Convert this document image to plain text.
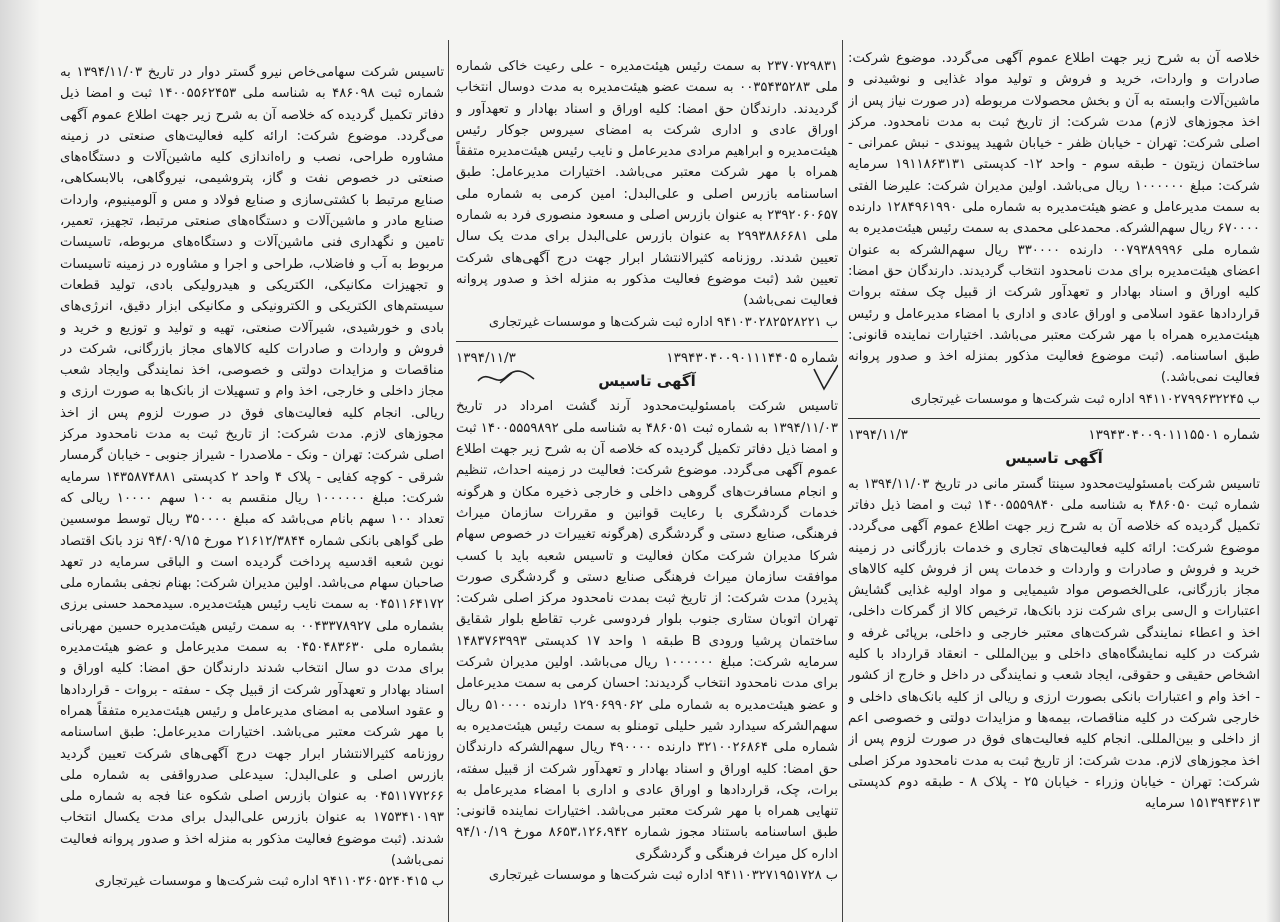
خلاصه آن به شرح زیر جهت اطلاع عموم آگهی می‌گردد. موضوع شرکت: صادرات و واردات، خرید و فروش و تولید مواد غذایی و نوشیدنی و ماشین‌آلات وابسته به آن و بخش محصولات مربوطه (در صورت نیاز پس از اخذ مجوزهای لازم) مدت شرکت: از تاریخ ثبت به مدت نامحدود. مرکز اصلی شرکت: تهران - خیابان ظفر - خیابان شهید پیوندی - نبش عمرانی - ساختمان زیتون - طبقه سوم - واحد ۱۲- کدپستی ۱۹۱۱۸۶۳۱۳۱ سرمایه شرکت: مبلغ ۱۰۰۰۰۰۰ ریال می‌باشد. اولین مدیران شرکت: علیرضا الفتی به سمت مدیرعامل و عضو هیئت‌مدیره به شماره ملی ۱۲۸۴۹۶۱۹۹۰ دارنده ۶۷۰۰۰۰ ریال سهم‌الشرکه. محمدعلی محمدی به سمت رئیس هیئت‌مدیره به شماره ملی ۰۰۷۹۳۸۹۹۹۶ دارنده ۳۳۰۰۰۰ ریال سهم‌الشرکه به عنوان اعضای هیئت‌مدیره برای مدت نامحدود انتخاب گردیدند. دارندگان حق امضا: کلیه اوراق و اسناد بهادار و تعهدآور شرکت از قبیل چک سفته بروات قراردادها عقود اسلامی و اوراق عادی و اداری با امضاء مدیرعامل و رئیس هیئت‌مدیره همراه با مهر شرکت معتبر می‌باشد. اختیارات نماینده قانونی: طبق اساسنامه. (ثبت موضوع فعالیت مذکور بمنزله اخذ و صدور پروانه فعالیت نمی‌باشد.)

ب ۹۴۱۱۰۲۷۹۹۶۳۲۲۴۵ اداره ثبت شرکت‌ها و موسسات غیرتجاری

شماره ۱۳۹۴۳۰۴۰۰۹۰۱۱۱۵۵۰۱
۱۳۹۴/۱۱/۳
آگهی تاسیس

تاسیس شرکت بامسئولیت‌محدود سینتا گستر مانی در تاریخ ۱۳۹۴/۱۱/۰۳ به شماره ثبت ۴۸۶۰۵۰ به شناسه ملی ۱۴۰۰۵۵۵۹۸۴۰ ثبت و امضا ذیل دفاتر تکمیل گردیده که خلاصه آن به شرح زیر جهت اطلاع عموم آگهی می‌گردد. موضوع شرکت: ارائه کلیه فعالیت‌های تجاری و خدمات بازرگانی در زمینه خرید و فروش و صادرات و واردات و خدمات پس از فروش کلیه کالاهای مجاز بازرگانی، علی‌الخصوص مواد شیمیایی و مواد اولیه غذایی گشایش اعتبارات و ال‌سی برای شرکت نزد بانک‌ها، ترخیص کالا از گمرکات داخلی، اخذ و اعطاء نمایندگی شرکت‌های معتبر خارجی و داخلی، برپائی غرفه و شرکت در کلیه نمایشگاه‌های داخلی و بین‌المللی - انعقاد قرارداد با کلیه اشخاص حقیقی و حقوقی، ایجاد شعب و نمایندگی در داخل و خارج از کشور - اخذ وام و اعتبارات بانکی بصورت ارزی و ریالی از کلیه بانک‌های داخلی و خارجی شرکت در کلیه مناقصات، بیمه‌ها و مزایدات دولتی و خصوصی اعم از داخلی و بین‌المللی. انجام کلیه فعالیت‌های فوق در صورت لزوم پس از اخذ مجوزهای لازم. مدت شرکت: از تاریخ ثبت به مدت نامحدود مرکز اصلی شرکت: تهران - خیابان وزراء - خیابان ۲۵ - پلاک ۸ - طبقه دوم کدپستی ۱۵۱۳۹۴۳۶۱۳ سرمایه

۲۳۷۰۷۲۹۸۳۱ به سمت رئیس هیئت‌مدیره - علی رعیت خاکی شماره ملی ۰۰۳۵۴۳۵۲۸۳ به سمت عضو هیئت‌مدیره به مدت دوسال انتخاب گردیدند. دارندگان حق امضا: کلیه اوراق و اسناد بهادار و تعهدآور و اوراق عادی و اداری شرکت به امضای سیروس جوکار رئیس هیئت‌مدیره و ابراهیم مرادی مدیرعامل و نایب رئیس هیئت‌مدیره متفقاً همراه با مهر شرکت معتبر می‌باشد. اختیارات مدیرعامل: طبق اساسنامه بازرس اصلی و علی‌البدل: امین کرمی به شماره ملی ۲۳۹۲۰۶۰۶۵۷ به عنوان بازرس اصلی و مسعود منصوری فرد به شماره ملی ۲۹۹۳۸۸۶۶۸۱ به عنوان بازرس علی‌البدل برای مدت یک سال تعیین شدند. روزنامه کثیرالانتشار ابرار جهت درج آگهی‌های شرکت تعیین شد (ثبت موضوع فعالیت مذکور به منزله اخذ و صدور پروانه فعالیت نمی‌باشد)

ب ۹۴۱۰۳۰۲۸۲۵۲۸۲۲۱ اداره ثبت شرکت‌ها و موسسات غیرتجاری

شماره ۱۳۹۴۳۰۴۰۰۹۰۱۱۱۴۴۰۵
۱۳۹۴/۱۱/۳
آگهی تاسیس

تاسیس شرکت بامسئولیت‌محدود آرند گشت امرداد در تاریخ ۱۳۹۴/۱۱/۰۳ به شماره ثبت ۴۸۶۰۵۱ به شناسه ملی ۱۴۰۰۵۵۵۹۸۹۲ ثبت و امضا ذیل دفاتر تکمیل گردیده که خلاصه آن به شرح زیر جهت اطلاع عموم آگهی می‌گردد. موضوع شرکت: فعالیت در زمینه احداث، تنظیم و انجام مسافرت‌های گروهی داخلی و خارجی ذخیره مکان و هرگونه خدمات گردشگری با رعایت قوانین و مقررات سازمان میراث فرهنگی، صنایع دستی و گردشگری (هرگونه تغییرات در خصوص سهام شرکا مدیران شرکت مکان فعالیت و تاسیس شعبه باید با کسب موافقت سازمان میراث فرهنگی صنایع دستی و گردشگری صورت پذیرد) مدت شرکت: از تاریخ ثبت بمدت نامحدود مرکز اصلی شرکت: تهران اتوبان ستاری جنوب بلوار فردوسی غرب تقاطع بلوار شقایق ساختمان پرشیا ورودی B طبقه ۱ واحد ۱۷ کدپستی ۱۴۸۳۷۶۳۹۹۳ سرمایه شرکت: مبلغ ۱۰۰۰۰۰۰ ریال می‌باشد. اولین مدیران شرکت برای مدت نامحدود انتخاب گردیدند: احسان کرمی به سمت مدیرعامل و عضو هیئت‌مدیره به شماره ملی ۱۲۹۰۶۹۹۰۶۲ دارنده ۵۱۰۰۰۰ ریال سهم‌الشرکه سیدارد شیر حلیلی تومنلو به سمت رئیس هیئت‌مدیره به شماره ملی ۳۲۱۰۰۲۶۸۶۴ دارنده ۴۹۰۰۰۰ ریال سهم‌الشرکه دارندگان حق امضا: کلیه اوراق و اسناد بهادار و تعهدآور شرکت از قبیل سفته، برات، چک، قراردادها و اوراق عادی و اداری با امضاء مدیرعامل به تنهایی همراه با مهر شرکت معتبر می‌باشد. اختیارات نماینده قانونی: طبق اساسنامه باستناد مجوز شماره ۸۶۵۳،۱۲۶،۹۴۲ مورخ ۹۴/۱۰/۱۹ اداره کل میراث فرهنگی و گردشگری

ب ۹۴۱۱۰۳۲۷۱۹۵۱۷۲۸ اداره ثبت شرکت‌ها و موسسات غیرتجاری

تاسیس شرکت سهامی‌خاص نیرو گستر دوار در تاریخ ۱۳۹۴/۱۱/۰۳ به شماره ثبت ۴۸۶۰۹۸ به شناسه ملی ۱۴۰۰۵۵۶۲۴۵۳ ثبت و امضا ذیل دفاتر تکمیل گردیده که خلاصه آن به شرح زیر جهت اطلاع عموم آگهی می‌گردد. موضوع شرکت: ارائه کلیه فعالیت‌های صنعتی در زمینه مشاوره طراحی، نصب و راه‌اندازی کلیه ماشین‌آلات و دستگاه‌های صنعتی در خصوص نفت و گاز، پتروشیمی، نیروگاهی، بالابسکاهی، صنایع مرتبط با کشتی‌سازی و صنایع فولاد و مس و آلومینیوم، واردات صنایع مادر و ماشین‌آلات و دستگاه‌های صنعتی مرتبط، تجهیز، تعمیر، تامین و نگهداری فنی ماشین‌آلات و دستگاه‌های مربوطه، تاسیسات مربوط به آب و فاضلاب، طراحی و اجرا و مشاوره در زمینه تاسیسات و تجهیزات مکانیکی، الکتریکی و هیدرولیکی بادی، تولید قطعات سیستم‌های الکتریکی و الکترونیکی و مکانیکی ابزار دقیق، انرژی‌های بادی و خورشیدی، شیرآلات صنعتی، تهیه و تولید و توزیع و خرید و فروش و واردات و صادرات کلیه کالاهای مجاز بازرگانی، شرکت در مناقصات و مزایدات دولتی و خصوصی، اخذ نمایندگی وایجاد شعب مجاز داخلی و خارجی، اخذ وام و تسهیلات از بانک‌ها به صورت ارزی و ریالی. انجام کلیه فعالیت‌های فوق در صورت لزوم پس از اخذ مجوزهای لازم. مدت شرکت: از تاریخ ثبت به مدت نامحدود مرکز اصلی شرکت: تهران - ونک - ملاصدرا - شیراز جنوبی - خیابان گرمسار شرقی - کوچه کفایی - پلاک ۴ واحد ۲ کدپستی ۱۴۳۵۸۷۴۸۸۱ سرمایه شرکت: مبلغ ۱۰۰۰۰۰۰ ریال منقسم به ۱۰۰ سهم ۱۰۰۰۰ ریالی که تعداد ۱۰۰ سهم بانام می‌باشد که مبلغ ۳۵۰۰۰۰ ریال توسط موسسین طی گواهی بانکی شماره ۲۱۶۱۲/۳۸۴۴ مورخ ۹۴/۰۹/۱۵ نزد بانک اقتصاد نوین شعبه اقدسیه پرداخت گردیده است و الباقی سرمایه در تعهد صاحبان سهام می‌باشد. اولین مدیران شرکت: بهنام نجفی بشماره ملی ۰۴۵۱۱۶۴۱۷۲ به سمت نایب رئیس هیئت‌مدیره. سیدمحمد حسنی برزی بشماره ملی ۰۰۴۳۳۷۸۹۲۷ به سمت رئیس هیئت‌مدیره حسین مهربانی بشماره ملی ۰۴۵۰۴۸۳۶۳۰ به سمت مدیرعامل و عضو هیئت‌مدیره برای مدت دو سال انتخاب شدند دارندگان حق امضا: کلیه اوراق و اسناد بهادار و تعهدآور شرکت از قبیل چک - سفته - بروات - قراردادها و عقود اسلامی به امضای مدیرعامل و رئیس هیئت‌مدیره متفقاً همراه با مهر شرکت معتبر می‌باشد. اختیارات مدیرعامل: طبق اساسنامه روزنامه کثیرالانتشار ابرار جهت درج آگهی‌های شرکت تعیین گردید بازرس اصلی و علی‌البدل: سیدعلی صدرواقفی به شماره ملی ۰۴۵۱۱۷۷۲۶۶ به عنوان بازرس اصلی شکوه عنا فجه به شماره ملی ۱۷۵۳۴۱۰۱۹۳ به عنوان بازرس علی‌البدل برای مدت یکسال انتخاب شدند. (ثبت موضوع فعالیت مذکور به منزله اخذ و صدور پروانه فعالیت نمی‌باشد)

ب ۹۴۱۱۰۳۶۰۵۲۴۰۴۱۵ اداره ثبت شرکت‌ها و موسسات غیرتجاری
